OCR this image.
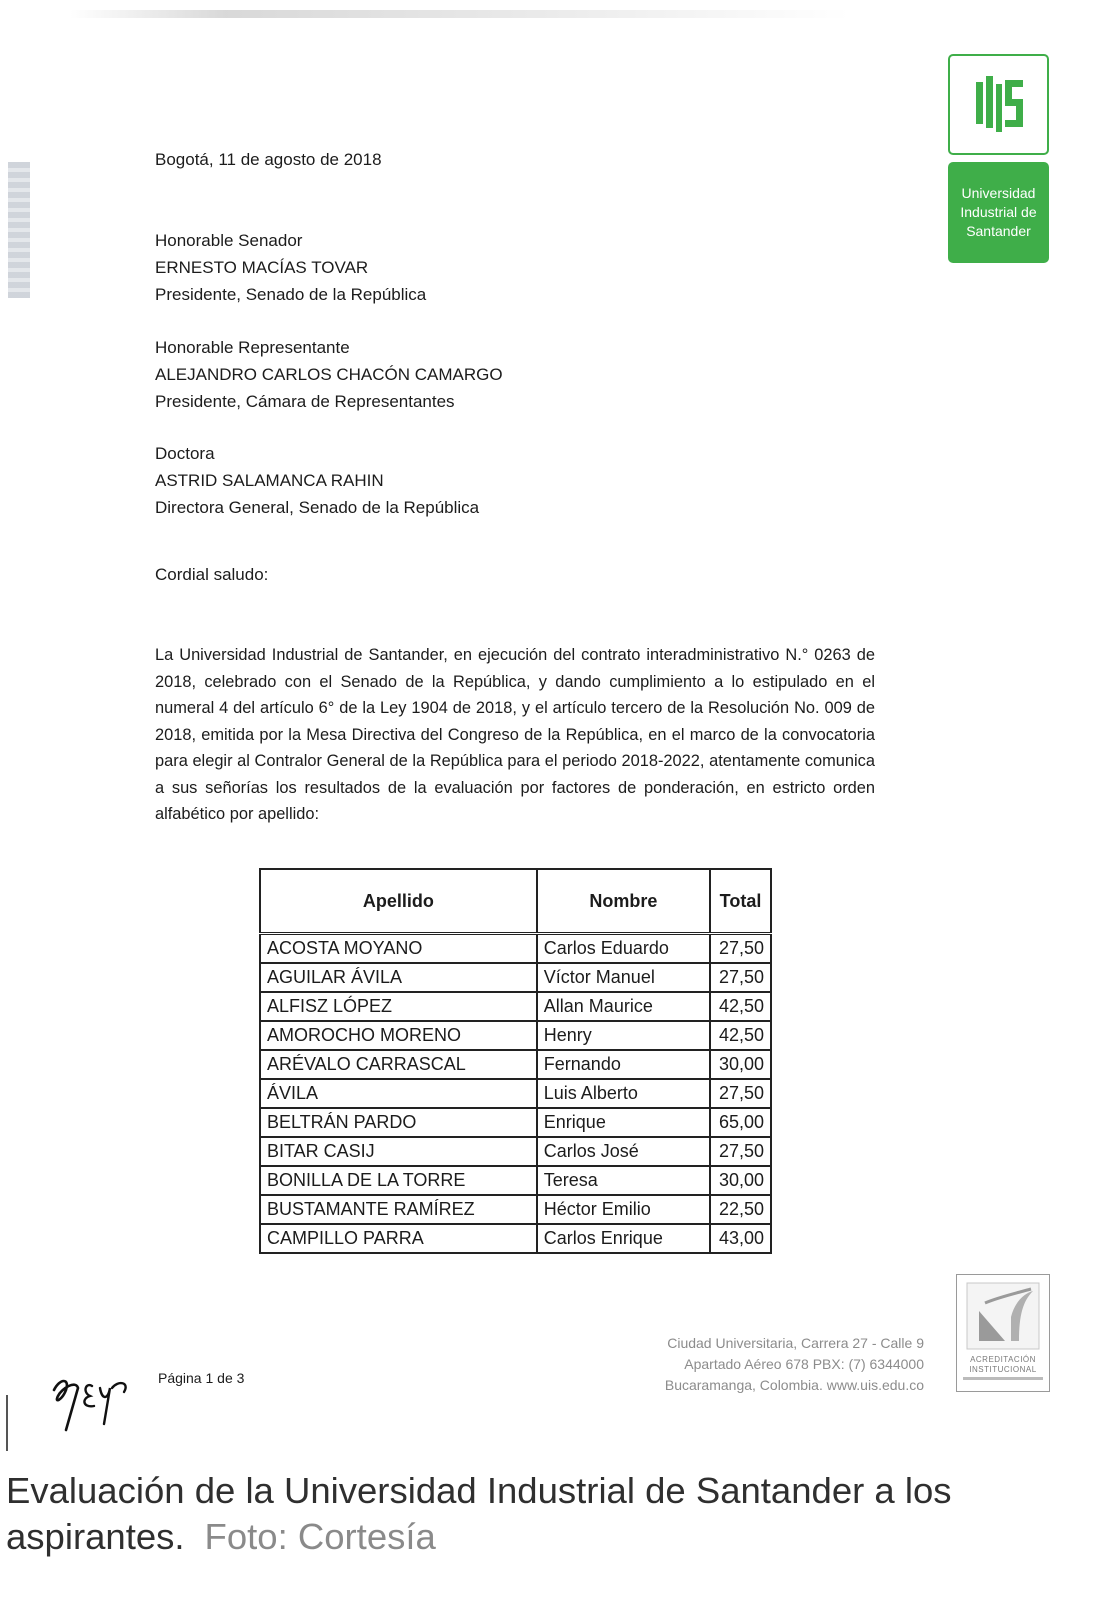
Universidad
Industrial de
Santander
Bogotá, 11 de agosto de 2018
Honorable Senador
ERNESTO MACÍAS TOVAR
Presidente, Senado de la República
Honorable Representante
ALEJANDRO CARLOS CHACÓN CAMARGO
Presidente, Cámara de Representantes
Doctora
ASTRID SALAMANCA RAHIN
Directora General, Senado de la República
Cordial saludo:
La Universidad Industrial de Santander, en ejecución del contrato interadministrativo N.° 0263 de 2018, celebrado con el Senado de la República, y dando cumplimiento a lo estipulado en el numeral 4 del artículo 6° de la Ley 1904 de 2018, y el artículo tercero de la Resolución No. 009 de 2018, emitida por la Mesa Directiva del Congreso de la República, en el marco de la convocatoria para elegir al Contralor General de la República para el periodo 2018-2022, atentamente comunica a sus señorías los resultados de la evaluación por factores de ponderación, en estricto orden alfabético por apellido:
Apellido	Nombre	Total
ACOSTA MOYANO	Carlos Eduardo	27,50
AGUILAR ÁVILA	Víctor Manuel	27,50
ALFISZ LÓPEZ	Allan Maurice	42,50
AMOROCHO MORENO	Henry	42,50
ARÉVALO CARRASCAL	Fernando	30,00
ÁVILA	Luis Alberto	27,50
BELTRÁN PARDO	Enrique	65,00
BITAR CASIJ	Carlos José	27,50
BONILLA DE LA TORRE	Teresa	30,00
BUSTAMANTE RAMÍREZ	Héctor Emilio	22,50
CAMPILLO PARRA	Carlos Enrique	43,00
Página 1 de 3
Ciudad Universitaria, Carrera 27 - Calle 9
Apartado Aéreo 678 PBX: (7) 6344000
Bucaramanga, Colombia. www.uis.edu.co
ACREDITACIÓN
INSTITUCIONAL
Evaluación de la Universidad Industrial de Santander a los aspirantes. Foto: Cortesía
